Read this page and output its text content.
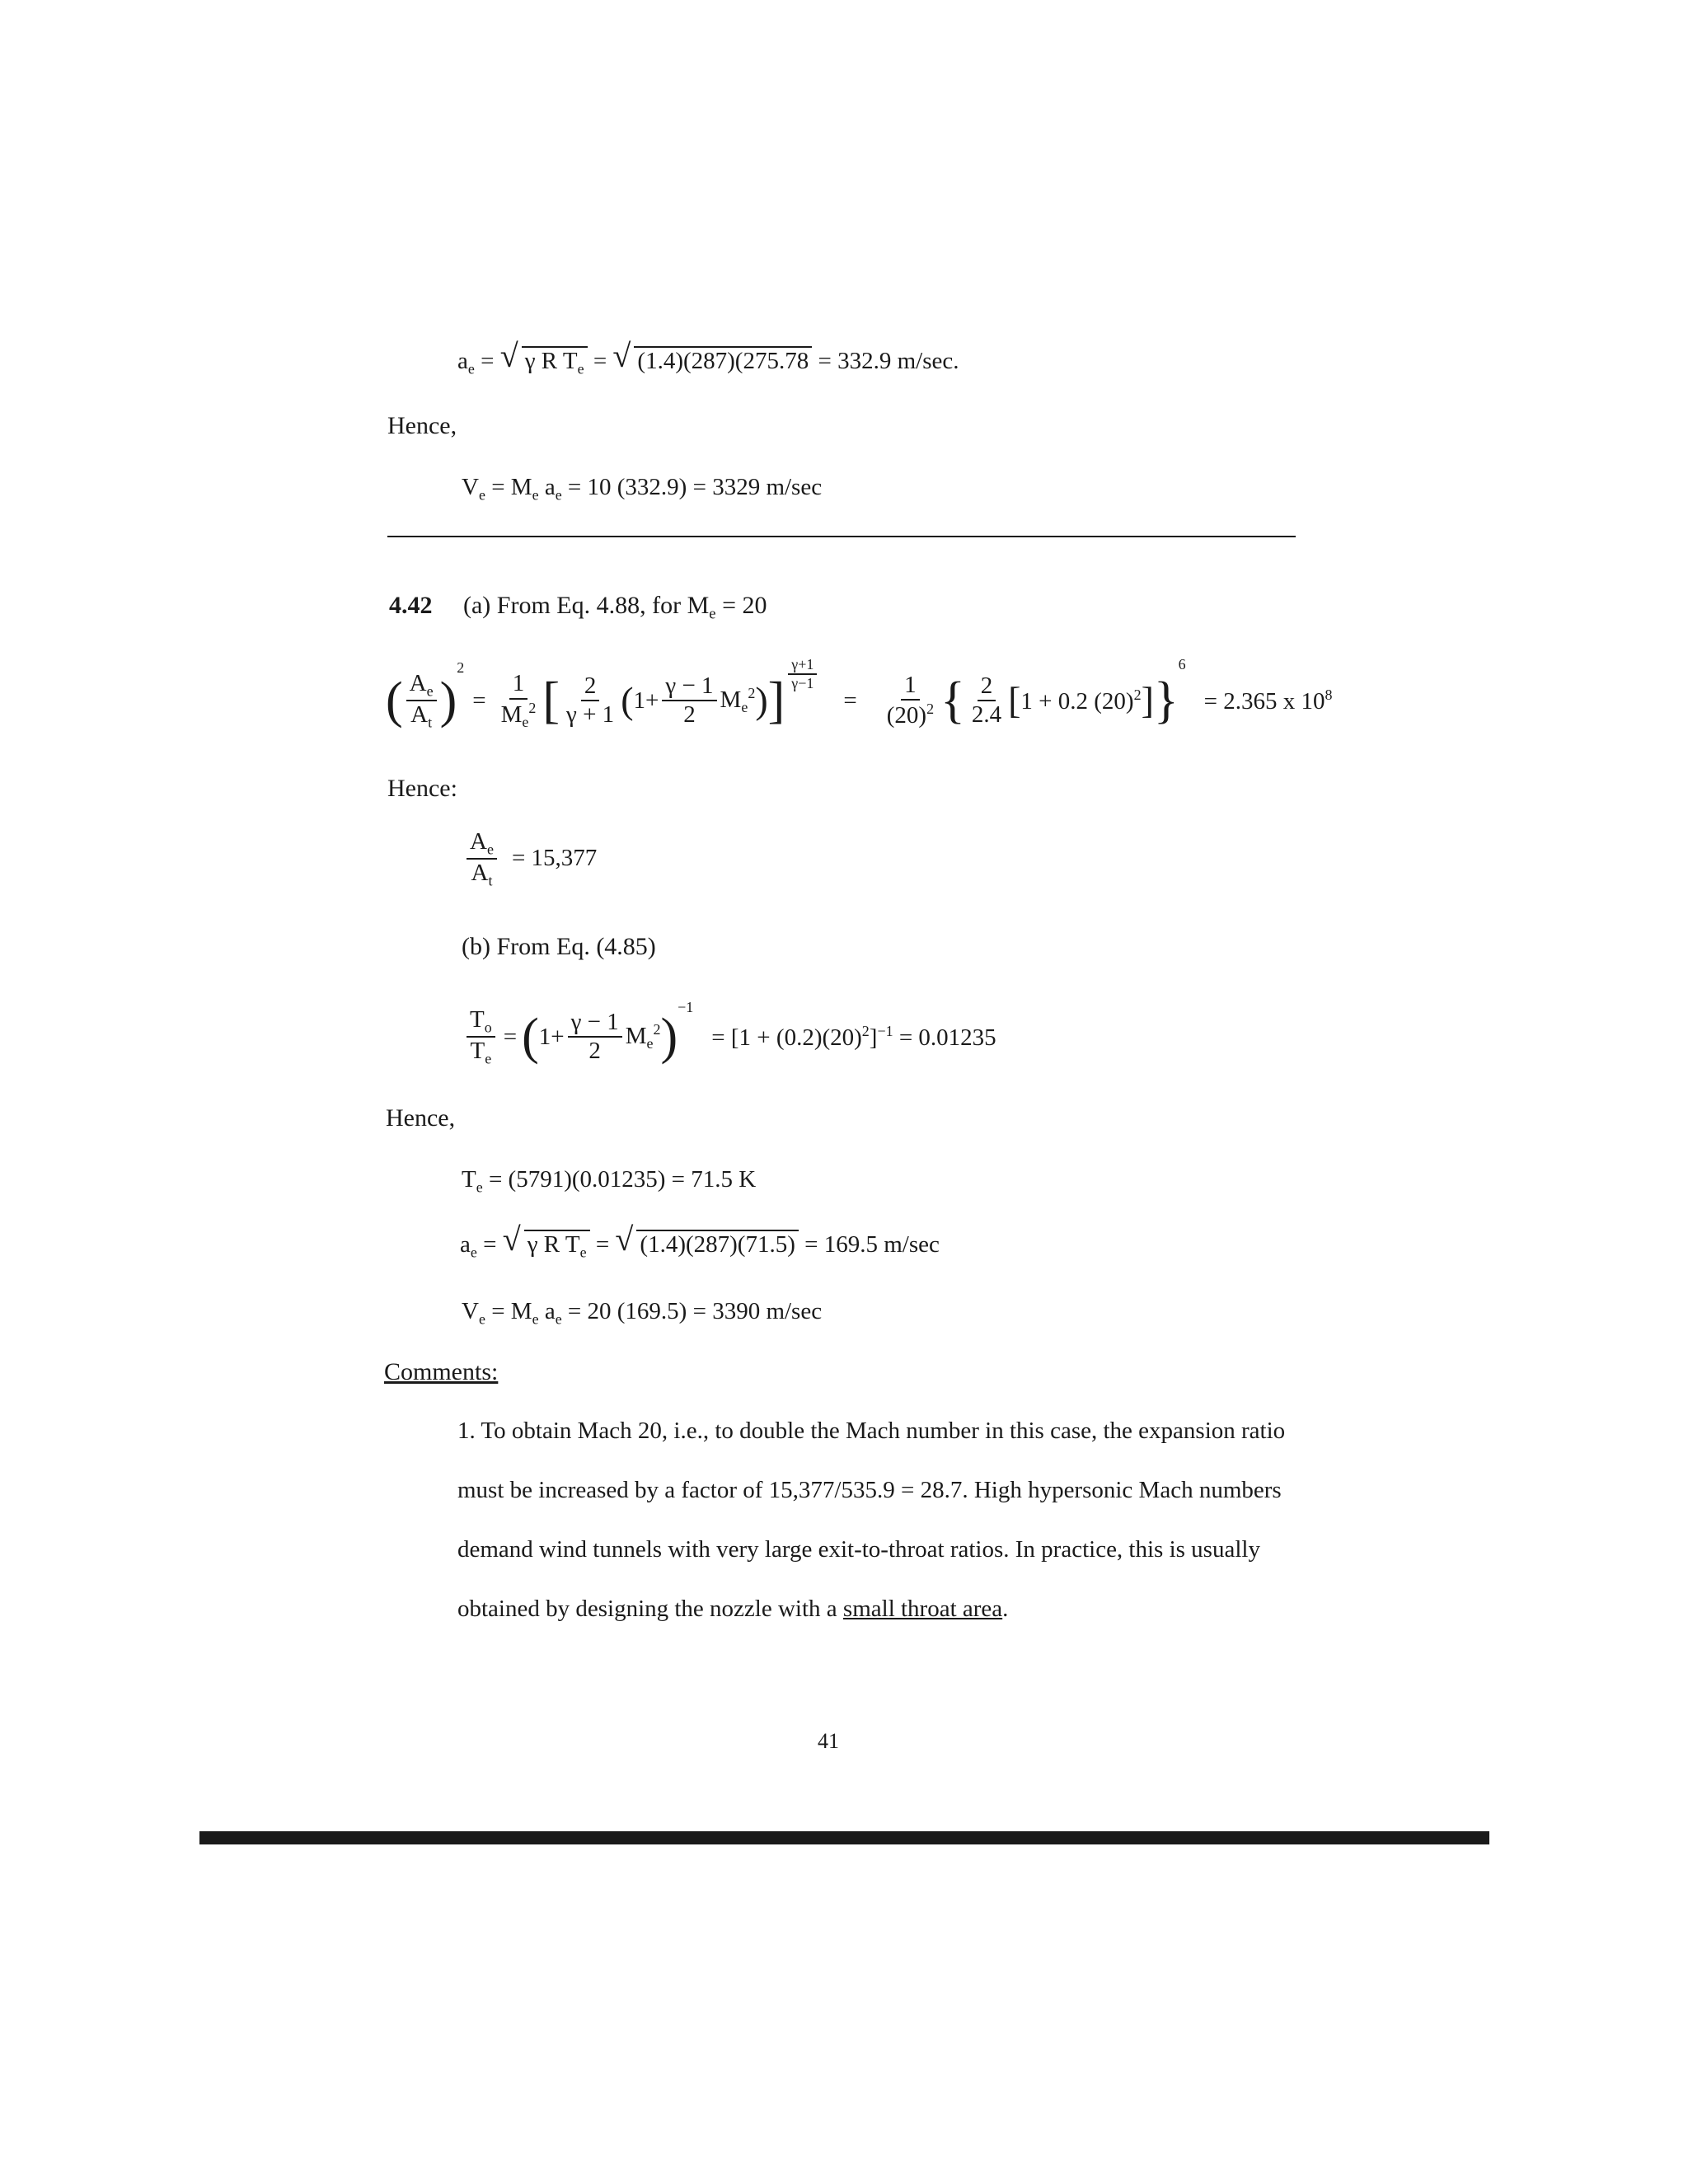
$a_e$ = √ γ R $T_e$ = √ (1.4)(287)(275.78 = 332.9 m/sec.
Hence,
$V_e = M_e$ $a_e = 10$ (332.9) = 3329 m/sec
4.42 (a) From Eq. 4.88, for $M_e = 20$
( $\frac{A_e}{A_t}$ )
$^2$
= $\frac{1}{M_e^2}$ [ $\frac{2}{\gamma + 1}$ ( $1+ \frac{\gamma - 1}{2} M_e^2$ ) ] $\frac{\gamma+1}{\gamma-1}$
= $\frac{1}{(20)^2}$ { $\frac{2}{2.4}$ [ 1 + 0.2 $(20)^2$ ] }
6
= 2.365 x $10^8$
Hence:
$\frac{A_e}{A_t} = 15,377$
(b) From Eq. (4.85)
$\frac{T_o}{T_e}$ = ( $1+ \frac{\gamma - 1}{2} M_e^2$ )
$^{-1}$
= $[1 + (0.2)(20)^2]^{-1} = 0.01235$
Hence,
$T_e = (5791)(0.01235) = 71.5$ K
$a_e$ = √ γ R $T_e$ = √ (1.4)(287)(71.5) = 169.5 m/sec
$V_e = M_e$ $a_e = 20$ (169.5) = 3390 m/sec
Comments:
1. To obtain Mach 20, i.e., to double the Mach number in this case, the expansion ratio must be increased by a factor of 15,377/535.9 = 28.7. High hypersonic Mach numbers demand wind tunnels with very large exit-to-throat ratios. In practice, this is usually obtained by designing the nozzle with a small throat area.
41
